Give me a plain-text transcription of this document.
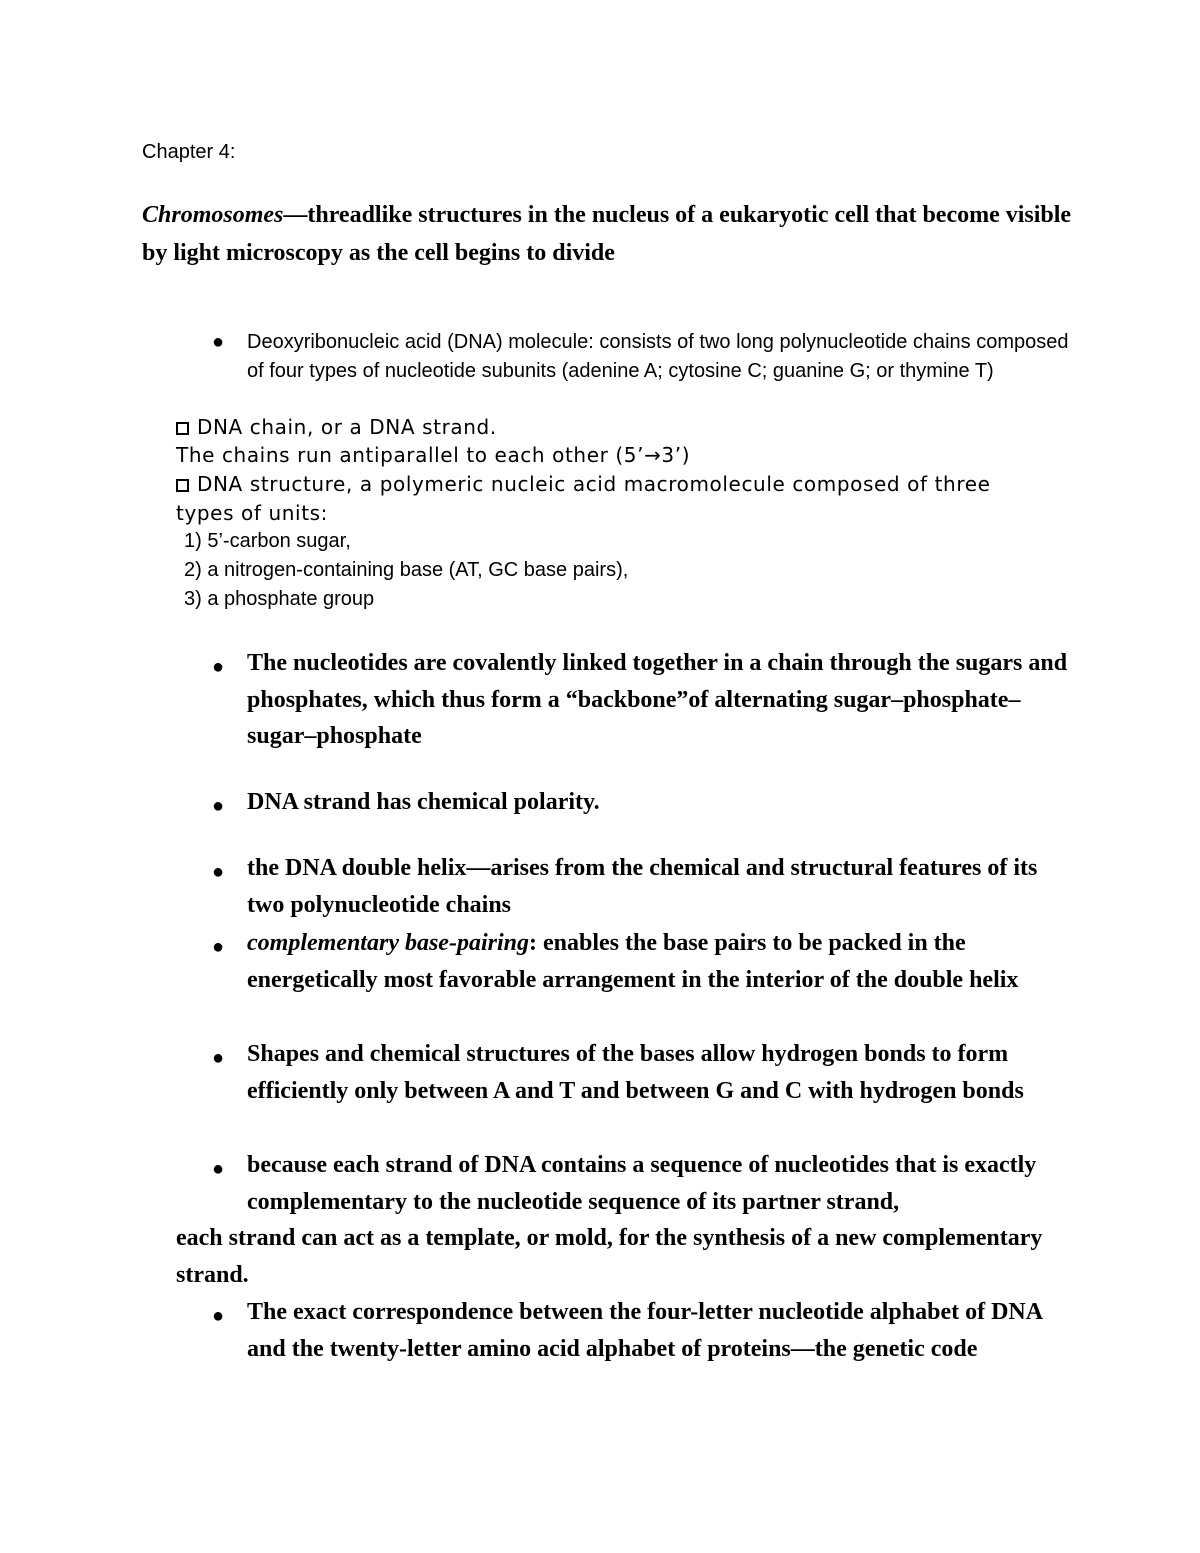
Chapter 4:
Chromosomes—threadlike structures in the nucleus of a eukaryotic cell that become visible by light microscopy as the cell begins to divide
● Deoxyribonucleic acid (DNA) molecule: consists of two long polynucleotide chains composed of four types of nucleotide subunits (adenine A; cytosine C; guanine G; or thymine T)
DNA chain, or a DNA strand.
The chains run antiparallel to each other (5’→3’)
DNA structure, a polymeric nucleic acid macromolecule composed of three
types of units:
1) 5’-carbon sugar,
2) a nitrogen-containing base (AT, GC base pairs),
3) a phosphate group
● The nucleotides are covalently linked together in a chain through the sugars and phosphates, which thus form a “backbone”of alternating sugar–phosphate–sugar–phosphate
● DNA strand has chemical polarity.
● the DNA double helix—arises from the chemical and structural features of its two polynucleotide chains
● complementary base-pairing: enables the base pairs to be packed in the energetically most favorable arrangement in the interior of the double helix
● Shapes and chemical structures of the bases allow hydrogen bonds to form efficiently only between A and T and between G and C with hydrogen bonds
● because each strand of DNA contains a sequence of nucleotides that is exactly complementary to the nucleotide sequence of its partner strand,
each strand can act as a template, or mold, for the synthesis of a new complementary strand.
● The exact correspondence between the four-letter nucleotide alphabet of DNA and the twenty-letter amino acid alphabet of proteins—the genetic code
